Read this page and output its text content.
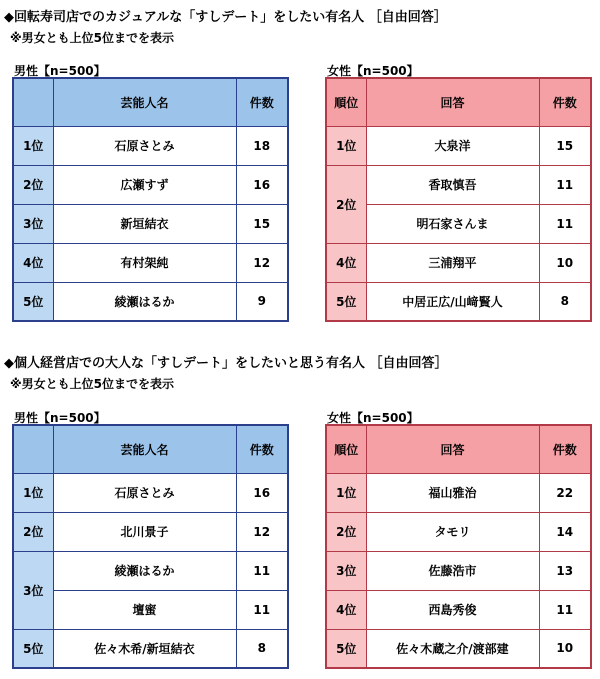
◆回転寿司店でのカジュアルな「すしデート」をしたい有名人 ［自由回答］
※男女とも上位5位までを表示
男性【n=500】	女性【n=500】
	芸能人名	件数
1位	石原さとみ	18
2位	広瀬すず	16
3位	新垣結衣	15
4位	有村架純	12
5位	綾瀬はるか	9
順位	回答	件数
1位	大泉洋	15
2位	香取慎吾	11
	明石家さんま	11
4位	三浦翔平	10
5位	中居正広/山﨑賢人	8
◆個人経営店での大人な「すしデート」をしたいと思う有名人 ［自由回答］
※男女とも上位5位までを表示
男性【n=500】	女性【n=500】
	芸能人名	件数
1位	石原さとみ	16
2位	北川景子	12
3位	綾瀬はるか	11
	壇蜜	11
5位	佐々木希/新垣結衣	8
順位	回答	件数
1位	福山雅治	22
2位	タモリ	14
3位	佐藤浩市	13
4位	西島秀俊	11
5位	佐々木蔵之介/渡部建	10
